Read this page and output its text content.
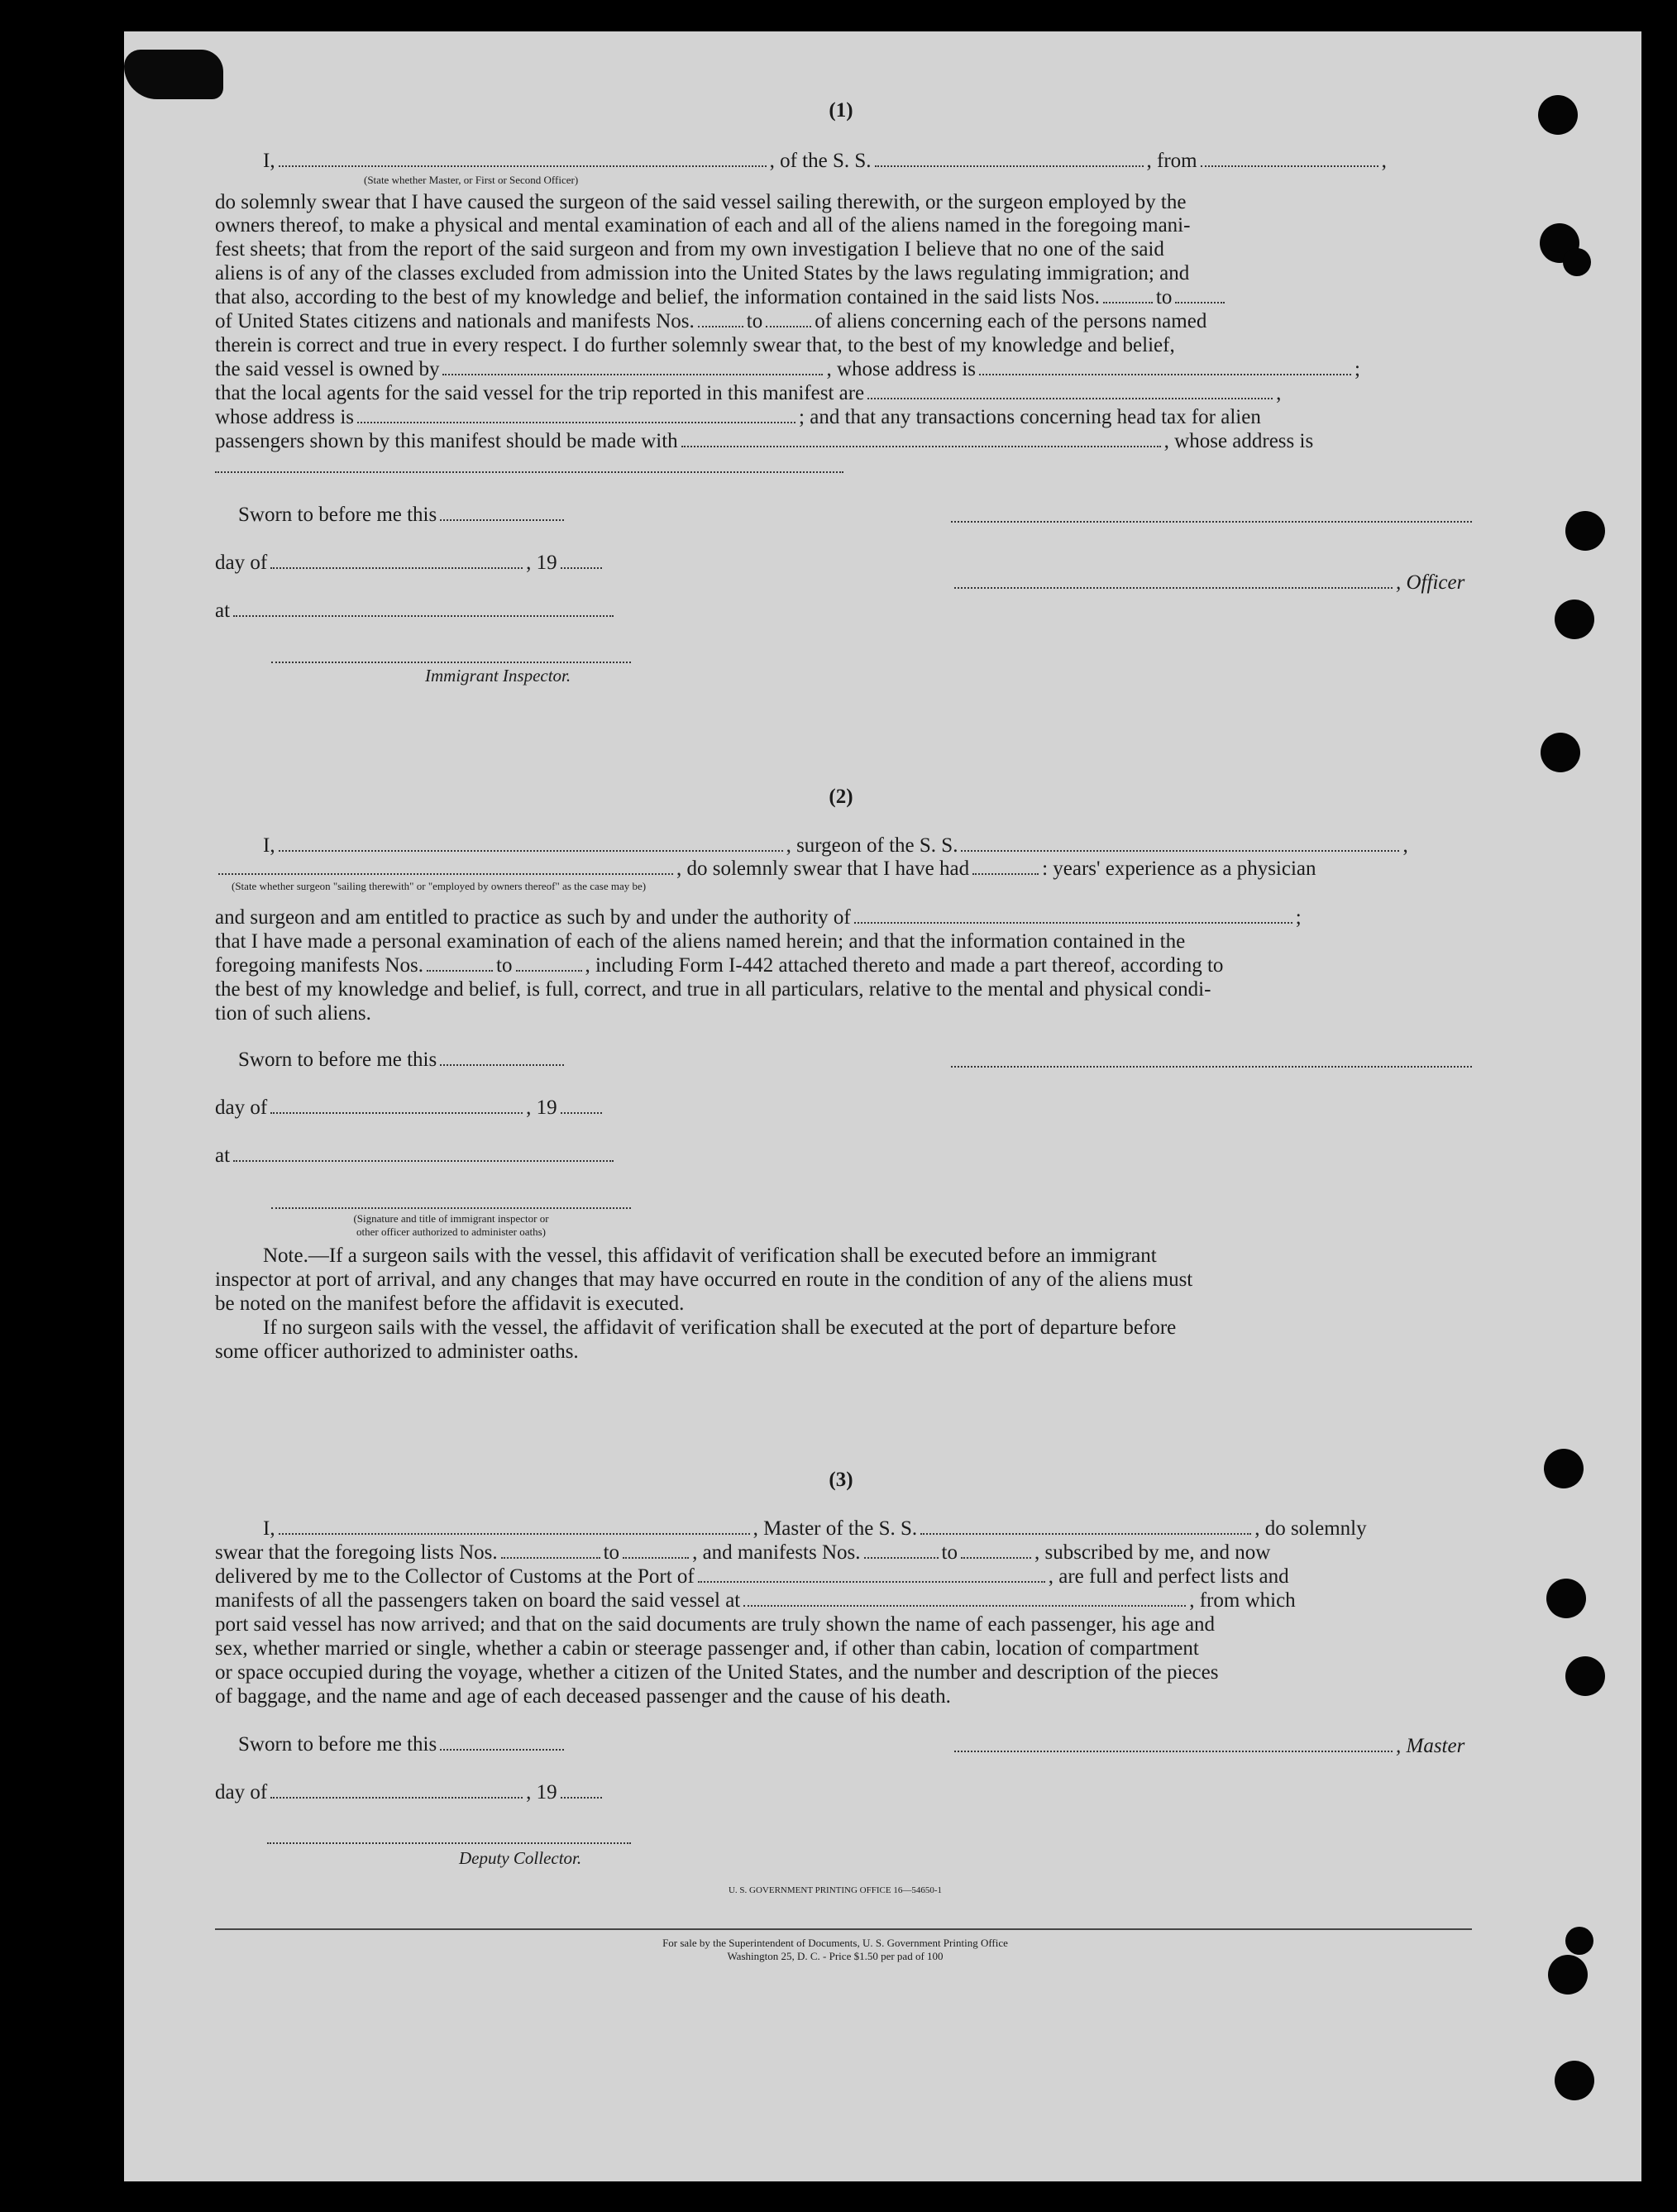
(1)
I,	, of the S. S.	, from	,
(State whether Master, or First or Second Officer)
do solemnly swear that I have caused the surgeon of the said vessel sailing therewith, or the surgeon employed by the
owners thereof, to make a physical and mental examination of each and all of the aliens named in the foregoing mani-
fest sheets; that from the report of the said surgeon and from my own investigation I believe that no one of the said
aliens is of any of the classes excluded from admission into the United States by the laws regulating immigration; and
that also, according to the best of my knowledge and belief, the information contained in the said lists Nos.	to
of United States citizens and nationals and manifests Nos.	to	of aliens concerning each of the persons named
therein is correct and true in every respect. I do further solemnly swear that, to the best of my knowledge and belief,
the said vessel is owned by	, whose address is	;
that the local agents for the said vessel for the trip reported in this manifest are	,
whose address is	; and that any transactions concerning head tax for alien
passengers shown by this manifest should be made with	, whose address is
Sworn to before me this
day of	, 19
, Officer
at
Immigrant Inspector.
(2)
I,	, surgeon of the S. S.	,
, do solemnly swear that I have had	: years' experience as a physician
(State whether surgeon "sailing therewith" or "employed by owners thereof" as the case may be)
and surgeon and am entitled to practice as such by and under the authority of	;
that I have made a personal examination of each of the aliens named herein; and that the information contained in the
foregoing manifests Nos.	to	, including Form I-442 attached thereto and made a part thereof, according to
the best of my knowledge and belief, is full, correct, and true in all particulars, relative to the mental and physical condi-
tion of such aliens.
Sworn to before me this
day of	, 19
at
(Signature and title of immigrant inspector or
other officer authorized to administer oaths)
Note.—If a surgeon sails with the vessel, this affidavit of verification shall be executed before an immigrant
inspector at port of arrival, and any changes that may have occurred en route in the condition of any of the aliens must
be noted on the manifest before the affidavit is executed.
If no surgeon sails with the vessel, the affidavit of verification shall be executed at the port of departure before
some officer authorized to administer oaths.
(3)
I,	, Master of the S. S.	, do solemnly
swear that the foregoing lists Nos.	to	, and manifests Nos.	to	, subscribed by me, and now
delivered by me to the Collector of Customs at the Port of	, are full and perfect lists and
manifests of all the passengers taken on board the said vessel at	, from which
port said vessel has now arrived; and that on the said documents are truly shown the name of each passenger, his age and
sex, whether married or single, whether a cabin or steerage passenger and, if other than cabin, location of compartment
or space occupied during the voyage, whether a citizen of the United States, and the number and description of the pieces
of baggage, and the name and age of each deceased passenger and the cause of his death.
Sworn to before me this	, Master
day of	, 19
Deputy Collector.
U. S. GOVERNMENT PRINTING OFFICE 16—54650-1
For sale by the Superintendent of Documents, U. S. Government Printing Office
Washington 25, D. C. - Price $1.50 per pad of 100
